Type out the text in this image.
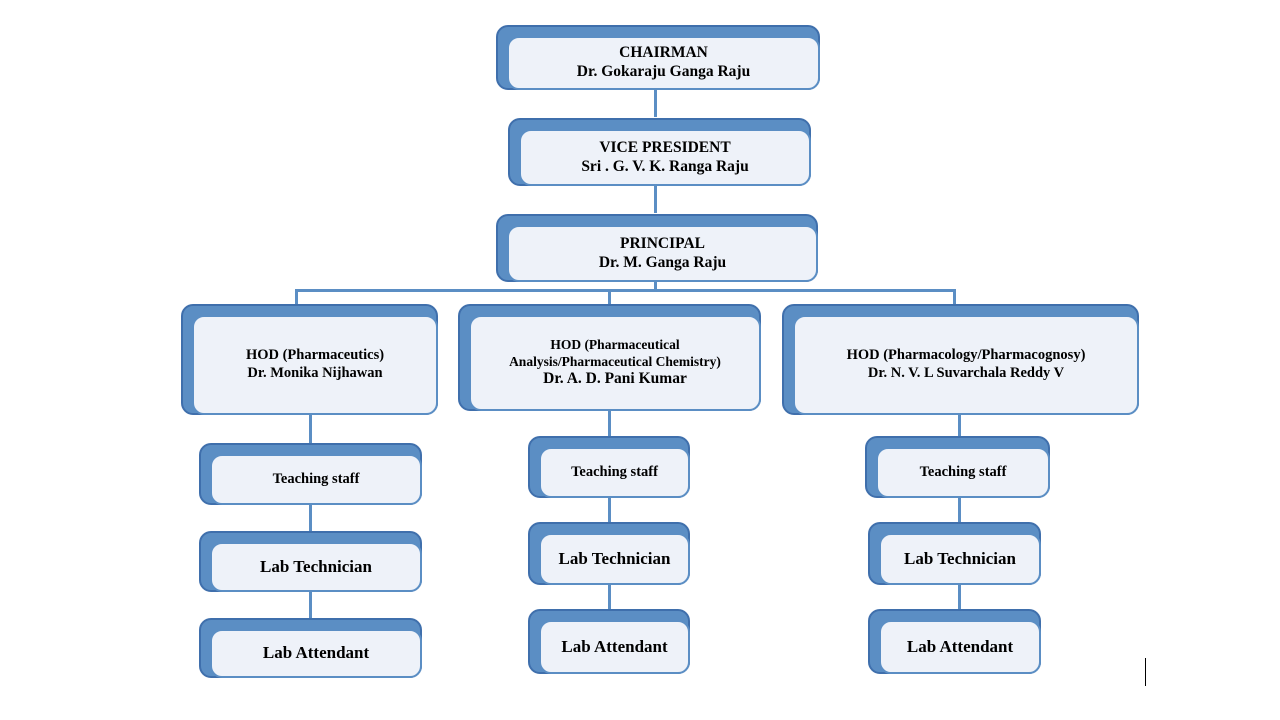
CHAIRMAN
Dr. Gokaraju Ganga Raju
VICE PRESIDENT
Sri . G. V. K. Ranga Raju
PRINCIPAL
Dr. M. Ganga Raju
HOD (Pharmaceutics)
Dr. Monika Nijhawan
HOD (Pharmaceutical
Analysis/Pharmaceutical Chemistry)
Dr. A. D. Pani Kumar
HOD (Pharmacology/Pharmacognosy)
Dr. N. V. L Suvarchala Reddy V
Teaching staff
Lab Technician
Lab Attendant
Teaching staff
Lab Technician
Lab Attendant
Teaching staff
Lab Technician
Lab Attendant
